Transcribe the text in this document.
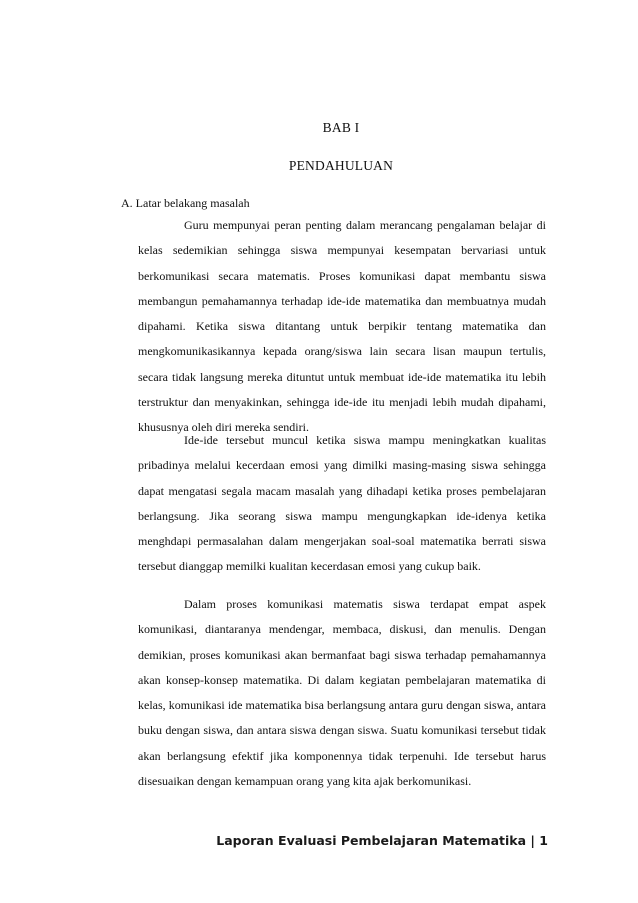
BAB I
PENDAHULUAN
A. Latar belakang masalah

Guru mempunyai peran penting dalam merancang pengalaman belajar di kelas sedemikian sehingga siswa mempunyai kesempatan bervariasi untuk berkomunikasi secara matematis. Proses komunikasi dapat membantu siswa membangun pemahamannya terhadap ide-ide matematika dan membuatnya mudah dipahami. Ketika siswa ditantang untuk berpikir tentang matematika dan mengkomunikasikannya kepada orang/siswa lain secara lisan maupun tertulis, secara tidak langsung mereka dituntut untuk membuat ide-ide matematika itu lebih terstruktur dan menyakinkan, sehingga ide-ide itu menjadi lebih mudah dipahami, khususnya oleh diri mereka sendiri.

Ide-ide tersebut muncul ketika siswa mampu meningkatkan kualitas pribadinya melalui kecerdaan emosi yang dimilki masing-masing siswa sehingga dapat mengatasi segala macam masalah yang dihadapi ketika proses pembelajaran berlangsung. Jika seorang siswa mampu mengungkapkan ide-idenya ketika menghdapi permasalahan dalam mengerjakan soal-soal matematika berrati siswa tersebut dianggap memilki kualitan kecerdasan emosi yang cukup baik.

Dalam proses komunikasi matematis siswa terdapat empat aspek komunikasi, diantaranya mendengar, membaca, diskusi, dan menulis. Dengan demikian, proses komunikasi akan bermanfaat bagi siswa terhadap pemahamannya akan konsep-konsep matematika. Di dalam kegiatan pembelajaran matematika di kelas, komunikasi ide matematika bisa berlangsung antara guru dengan siswa, antara buku dengan siswa, dan antara siswa dengan siswa. Suatu komunikasi tersebut tidak akan berlangsung efektif jika komponennya tidak terpenuhi. Ide tersebut harus disesuaikan dengan kemampuan orang yang kita ajak berkomunikasi.

Laporan Evaluasi Pembelajaran Matematika | 1
